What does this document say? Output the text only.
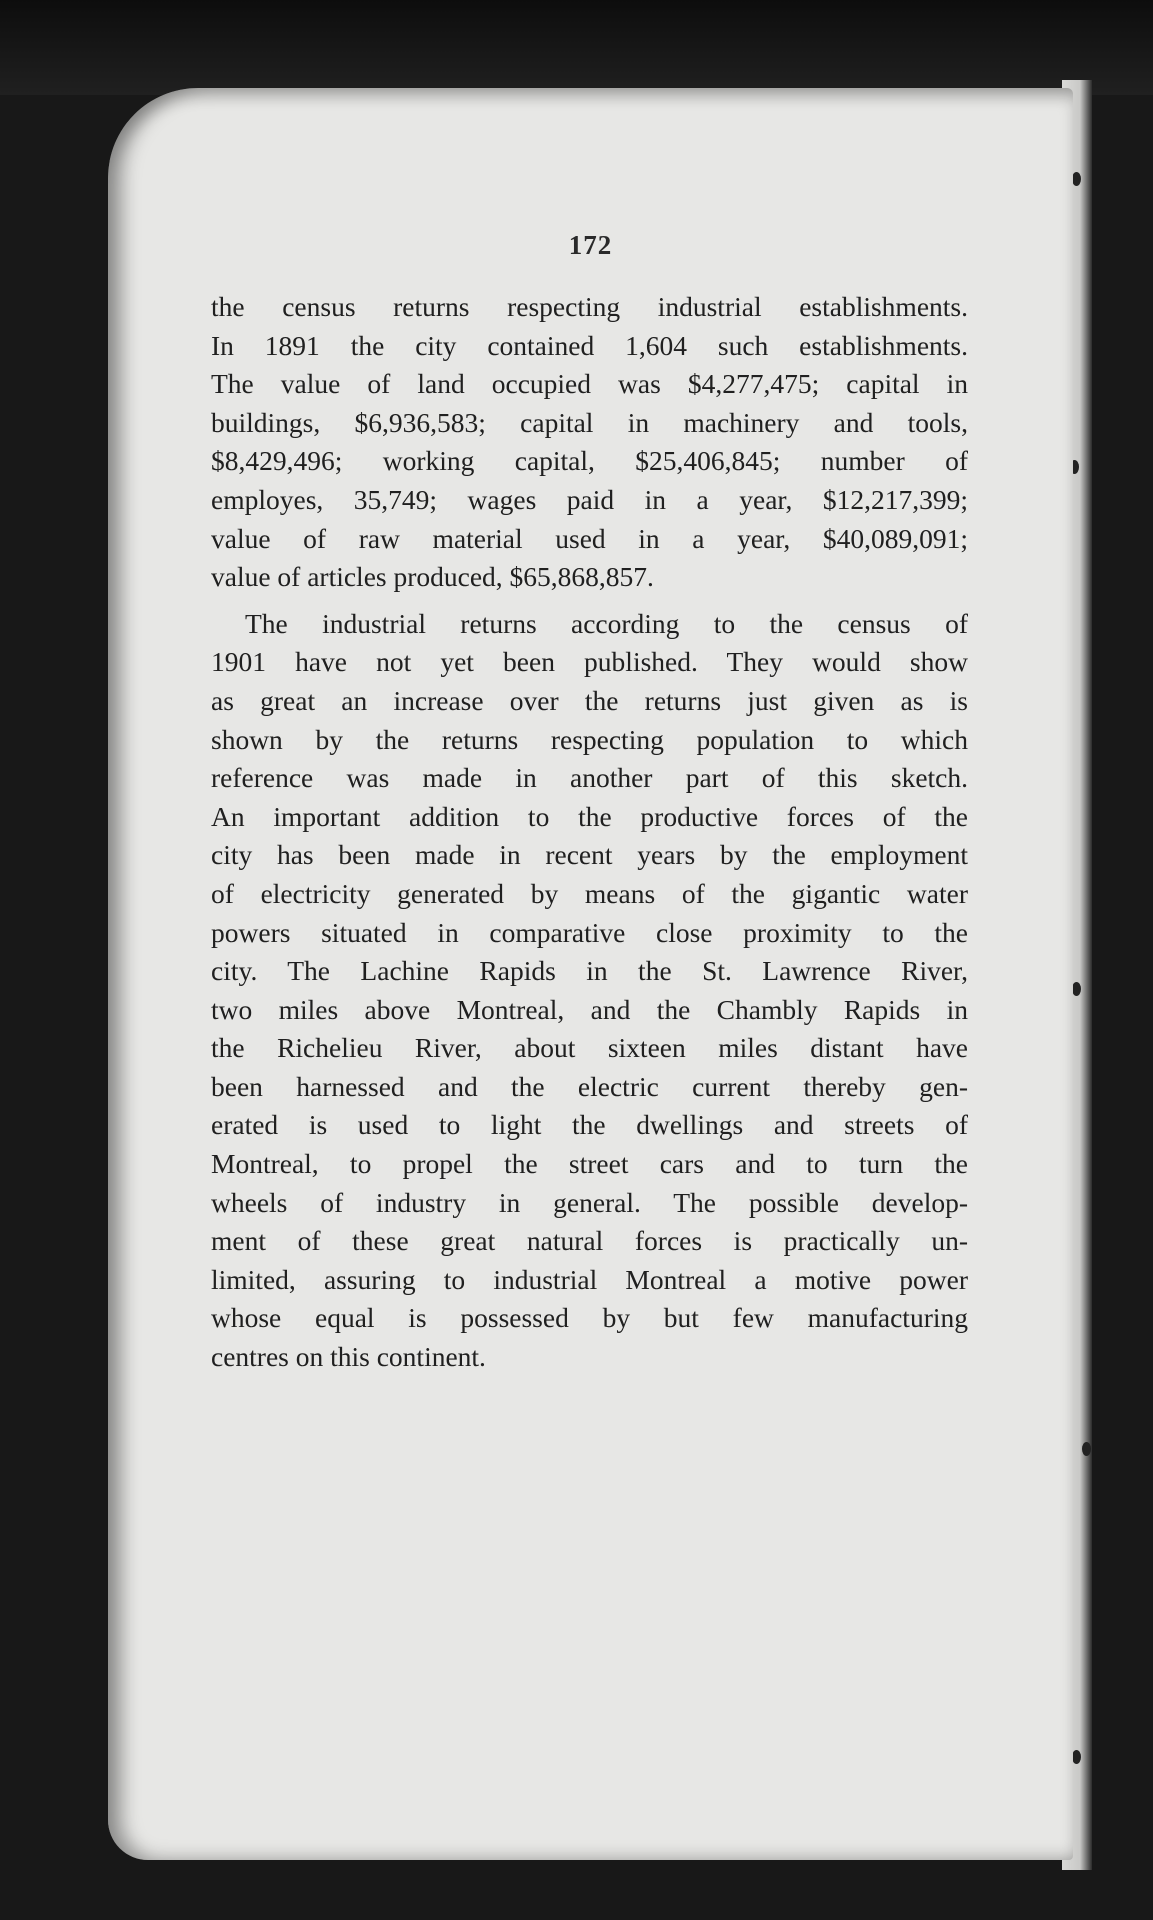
172
the census returns respecting industrial establishments.
In 1891 the city contained 1,604 such establishments.
The value of land occupied was $4,277,475; capital in
buildings, $6,936,583; capital in machinery and tools,
$8,429,496; working capital, $25,406,845; number of
employes, 35,749; wages paid in a year, $12,217,399;
value of raw material used in a year, $40,089,091;
value of articles produced, $65,868,857.
The industrial returns according to the census of
1901 have not yet been published. They would show
as great an increase over the returns just given as is
shown by the returns respecting population to which
reference was made in another part of this sketch.
An important addition to the productive forces of the
city has been made in recent years by the employment
of electricity generated by means of the gigantic water
powers situated in comparative close proximity to the
city. The Lachine Rapids in the St. Lawrence River,
two miles above Montreal, and the Chambly Rapids in
the Richelieu River, about sixteen miles distant have
been harnessed and the electric current thereby gen-
erated is used to light the dwellings and streets of
Montreal, to propel the street cars and to turn the
wheels of industry in general. The possible develop-
ment of these great natural forces is practically un-
limited, assuring to industrial Montreal a motive power
whose equal is possessed by but few manufacturing
centres on this continent.
